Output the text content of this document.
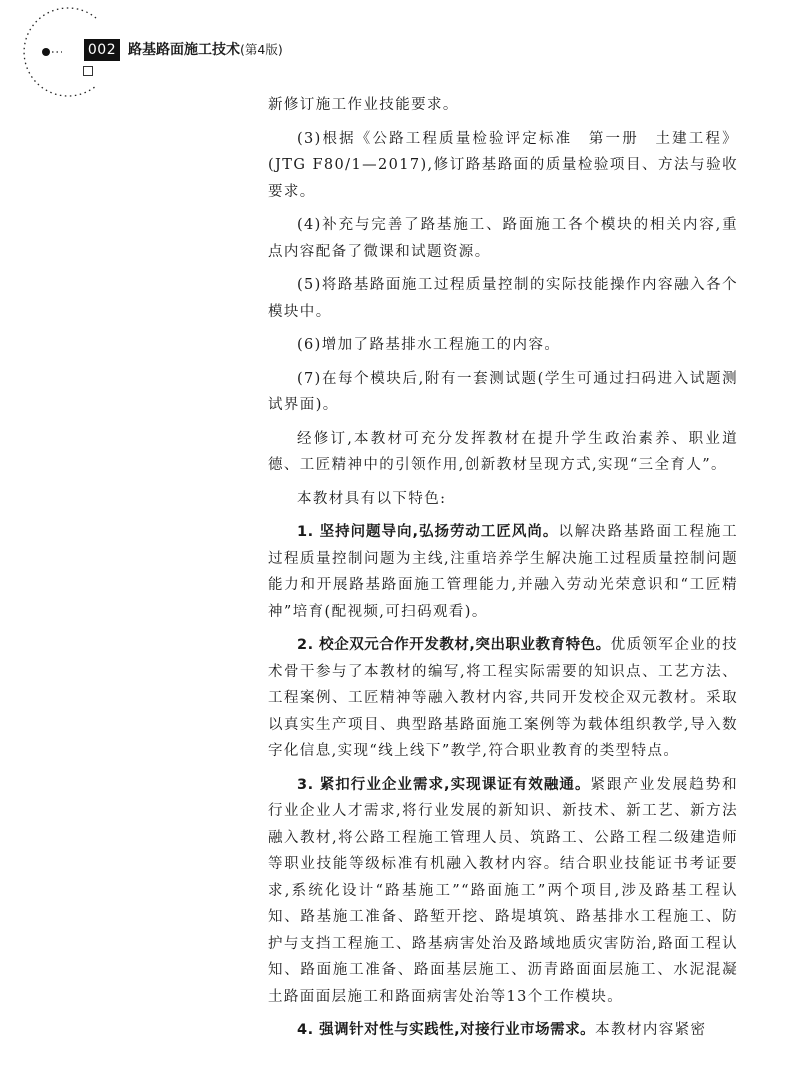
002 路基路面施工技术(第4版)

新修订施工作业技能要求。

(3)根据《公路工程质量检验评定标准　第一册　土建工程》(JTG F80/1—2017),修订路基路面的质量检验项目、方法与验收要求。

(4)补充与完善了路基施工、路面施工各个模块的相关内容,重点内容配备了微课和试题资源。

(5)将路基路面施工过程质量控制的实际技能操作内容融入各个模块中。

(6)增加了路基排水工程施工的内容。

(7)在每个模块后,附有一套测试题(学生可通过扫码进入试题测试界面)。

经修订,本教材可充分发挥教材在提升学生政治素养、职业道德、工匠精神中的引领作用,创新教材呈现方式,实现“三全育人”。

本教材具有以下特色:

1. 坚持问题导向,弘扬劳动工匠风尚。以解决路基路面工程施工过程质量控制问题为主线,注重培养学生解决施工过程质量控制问题能力和开展路基路面施工管理能力,并融入劳动光荣意识和“工匠精神”培育(配视频,可扫码观看)。

2. 校企双元合作开发教材,突出职业教育特色。优质领军企业的技术骨干参与了本教材的编写,将工程实际需要的知识点、工艺方法、工程案例、工匠精神等融入教材内容,共同开发校企双元教材。采取以真实生产项目、典型路基路面施工案例等为载体组织教学,导入数字化信息,实现“线上线下”教学,符合职业教育的类型特点。

3. 紧扣行业企业需求,实现课证有效融通。紧跟产业发展趋势和行业企业人才需求,将行业发展的新知识、新技术、新工艺、新方法融入教材,将公路工程施工管理人员、筑路工、公路工程二级建造师等职业技能等级标准有机融入教材内容。结合职业技能证书考证要求,系统化设计“路基施工”“路面施工”两个项目,涉及路基工程认知、路基施工准备、路堑开挖、路堤填筑、路基排水工程施工、防护与支挡工程施工、路基病害处治及路域地质灾害防治,路面工程认知、路面施工准备、路面基层施工、沥青路面面层施工、水泥混凝土路面面层施工和路面病害处治等13个工作模块。

4. 强调针对性与实践性,对接行业市场需求。本教材内容紧密
